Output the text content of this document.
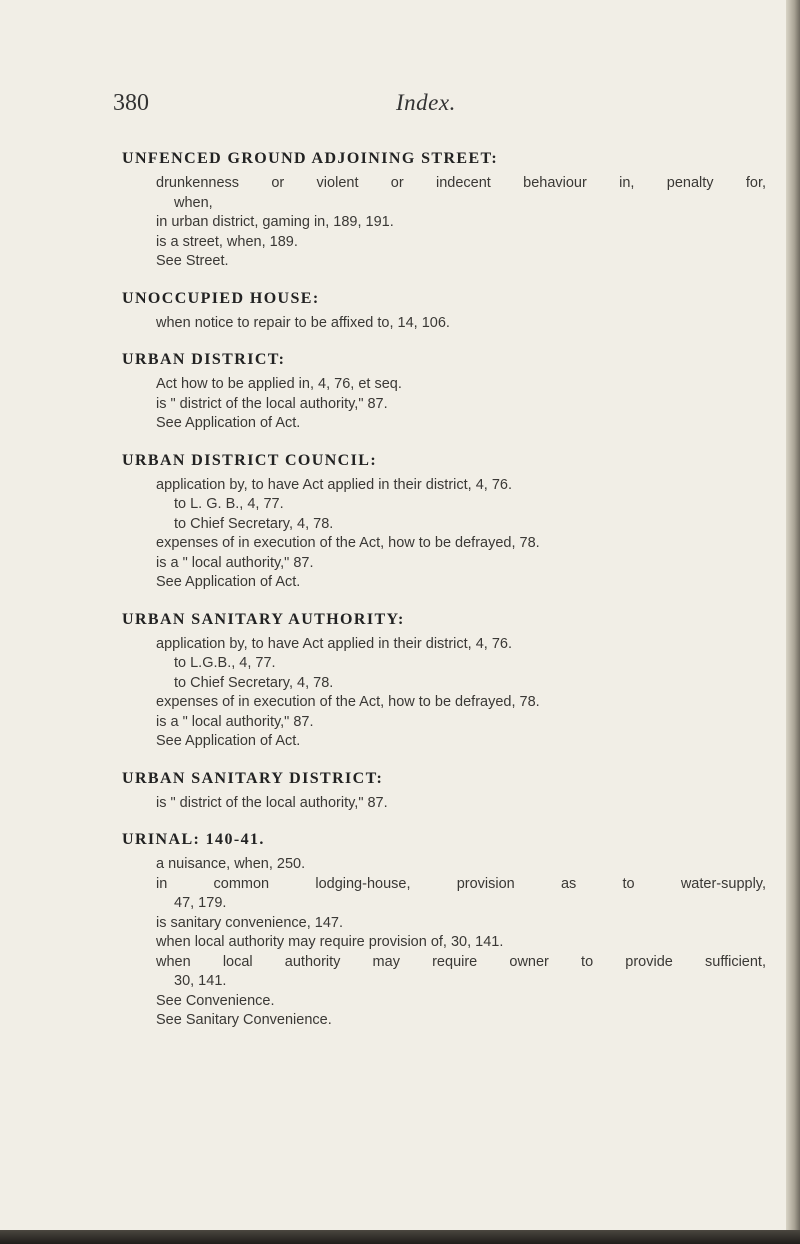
380	Index.
UNFENCED GROUND ADJOINING STREET:
drunkenness or violent or indecent behaviour in, penalty for,
when,
in urban district, gaming in, 189, 191.
is a street, when, 189.
See Street.
UNOCCUPIED HOUSE:
when notice to repair to be affixed to, 14, 106.
URBAN DISTRICT:
Act how to be applied in, 4, 76, et seq.
is " district of the local authority," 87.
See Application of Act.
URBAN DISTRICT COUNCIL:
application by, to have Act applied in their district, 4, 76.
to L. G. B., 4, 77.
to Chief Secretary, 4, 78.
expenses of in execution of the Act, how to be defrayed, 78.
is a " local authority," 87.
See Application of Act.
URBAN SANITARY AUTHORITY:
application by, to have Act applied in their district, 4, 76.
to L.G.B., 4, 77.
to Chief Secretary, 4, 78.
expenses of in execution of the Act, how to be defrayed, 78.
is a " local authority," 87.
See Application of Act.
URBAN SANITARY DISTRICT:
is " district of the local authority," 87.
URINAL: 140-41.
a nuisance, when, 250.
in common lodging-house, provision as to water-supply,
47, 179.
is sanitary convenience, 147.
when local authority may require provision of, 30, 141.
when local authority may require owner to provide sufficient,
30, 141.
See Convenience.
See Sanitary Convenience.
